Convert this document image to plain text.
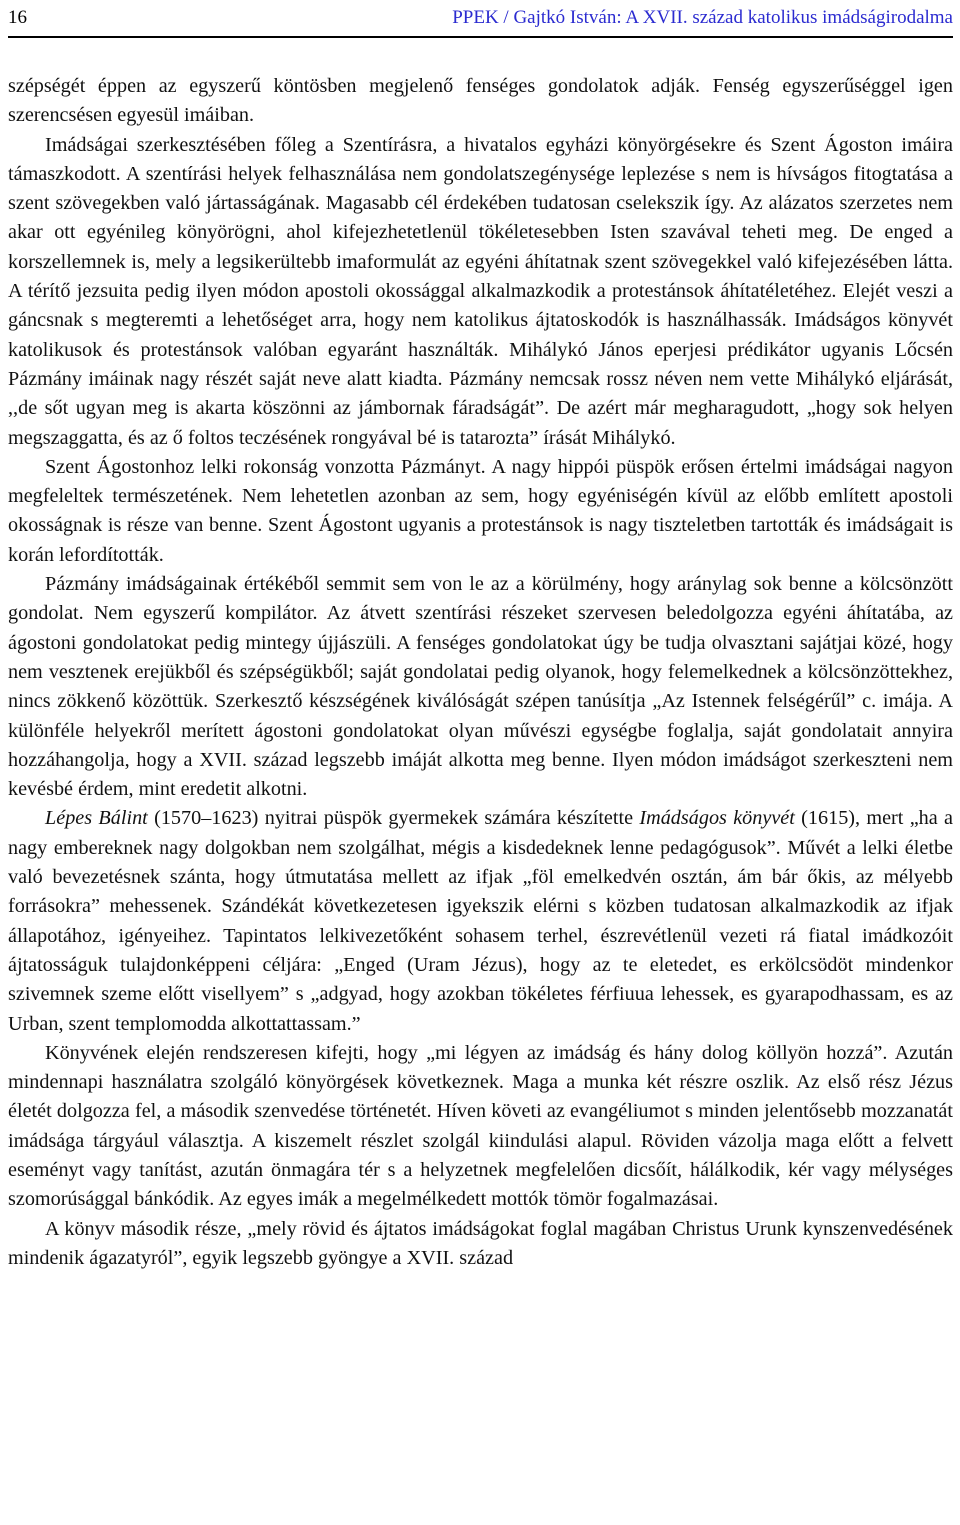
16	PPEK / Gajtkó István: A XVII. század katolikus imádságirodalma

szépségét éppen az egyszerű köntösben megjelenő fenséges gondolatok adják. Fenség egyszerűséggel igen szerencsésen egyesül imáiban.

Imádságai szerkesztésében főleg a Szentírásra, a hivatalos egyházi könyörgésekre és Szent Ágoston imáira támaszkodott. A szentírási helyek felhasználása nem gondolatszegénysége leplezése s nem is hívságos fitogtatása a szent szövegekben való jártasságának. Magasabb cél érdekében tudatosan cselekszik így. Az alázatos szerzetes nem akar ott egyénileg könyörögni, ahol kifejezhetetlenül tökéletesebben Isten szavával teheti meg. De enged a korszellemnek is, mely a legsikerültebb imaformulát az egyéni áhítatnak szent szövegekkel való kifejezésében látta. A térítő jezsuita pedig ilyen módon apostoli okossággal alkalmazkodik a protestánsok áhítatéletéhez. Elejét veszi a gáncsnak s megteremti a lehetőséget arra, hogy nem katolikus ájtatoskodók is használhassák. Imádságos könyvét katolikusok és protestánsok valóban egyaránt használták. Mihálykó János eperjesi prédikátor ugyanis Lőcsén Pázmány imáinak nagy részét saját neve alatt kiadta. Pázmány nemcsak rossz néven nem vette Mihálykó eljárását, ,,de sőt ugyan meg is akarta köszönni az jámbornak fáradságát”. De azért már megharagudott, „hogy sok helyen megszaggatta, és az ő foltos teczésének rongyával bé is tatarozta” írását Mihálykó.

Szent Ágostonhoz lelki rokonság vonzotta Pázmányt. A nagy hippói püspök erősen értelmi imádságai nagyon megfeleltek természetének. Nem lehetetlen azonban az sem, hogy egyéniségén kívül az előbb említett apostoli okosságnak is része van benne. Szent Ágostont ugyanis a protestánsok is nagy tiszteletben tartották és imádságait is korán lefordították.

Pázmány imádságainak értékéből semmit sem von le az a körülmény, hogy aránylag sok benne a kölcsönzött gondolat. Nem egyszerű kompilátor. Az átvett szentírási részeket szervesen beledolgozza egyéni áhítatába, az ágostoni gondolatokat pedig mintegy újjászüli. A fenséges gondolatokat úgy be tudja olvasztani sajátjai közé, hogy nem vesztenek erejükből és szépségükből; saját gondolatai pedig olyanok, hogy felemelkednek a kölcsönzöttekhez, nincs zökkenő közöttük. Szerkesztő készségének kiválóságát szépen tanúsítja „Az Istennek felségérűl” c. imája. A különféle helyekről merített ágostoni gondolatokat olyan művészi egységbe foglalja, saját gondolatait annyira hozzáhangolja, hogy a XVII. század legszebb imáját alkotta meg benne. Ilyen módon imádságot szerkeszteni nem kevésbé érdem, mint eredetit alkotni.

Lépes Bálint (1570–1623) nyitrai püspök gyermekek számára készítette Imádságos könyvét (1615), mert „ha a nagy embereknek nagy dolgokban nem szolgálhat, mégis a kisdedeknek lenne pedagógusok”. Művét a lelki életbe való bevezetésnek szánta, hogy útmutatása mellett az ifjak „föl emelkedvén osztán, ám bár őkis, az mélyebb forrásokra” mehessenek. Szándékát következetesen igyekszik elérni s közben tudatosan alkalmazkodik az ifjak állapotához, igényeihez. Tapintatos lelkivezetőként sohasem terhel, észrevétlenül vezeti rá fiatal imádkozóit ájtatosságuk tulajdonképpeni céljára: „Enged (Uram Jézus), hogy az te eletedet, es erkölcsödöt mindenkor szivemnek szeme előtt visellyem” s „adgyad, hogy azokban tökéletes férfiuua lehessek, es gyarapodhassam, es az Urban, szent templomodda alkottattassam.”

Könyvének elején rendszeresen kifejti, hogy „mi légyen az imádság és hány dolog köllyön hozzá”. Azután mindennapi használatra szolgáló könyörgések következnek. Maga a munka két részre oszlik. Az első rész Jézus életét dolgozza fel, a második szenvedése történetét. Híven követi az evangéliumot s minden jelentősebb mozzanatát imádsága tárgyául választja. A kiszemelt részlet szolgál kiindulási alapul. Röviden vázolja maga előtt a felvett eseményt vagy tanítást, azután önmagára tér s a helyzetnek megfelelően dicsőít, hálálkodik, kér vagy mélységes szomorúsággal bánkódik. Az egyes imák a megelmélkedett mottók tömör fogalmazásai.

A könyv második része, „mely rövid és ájtatos imádságokat foglal magában Christus Urunk kynszenvedésének mindenik ágazatyról”, egyik legszebb gyöngye a XVII. század
